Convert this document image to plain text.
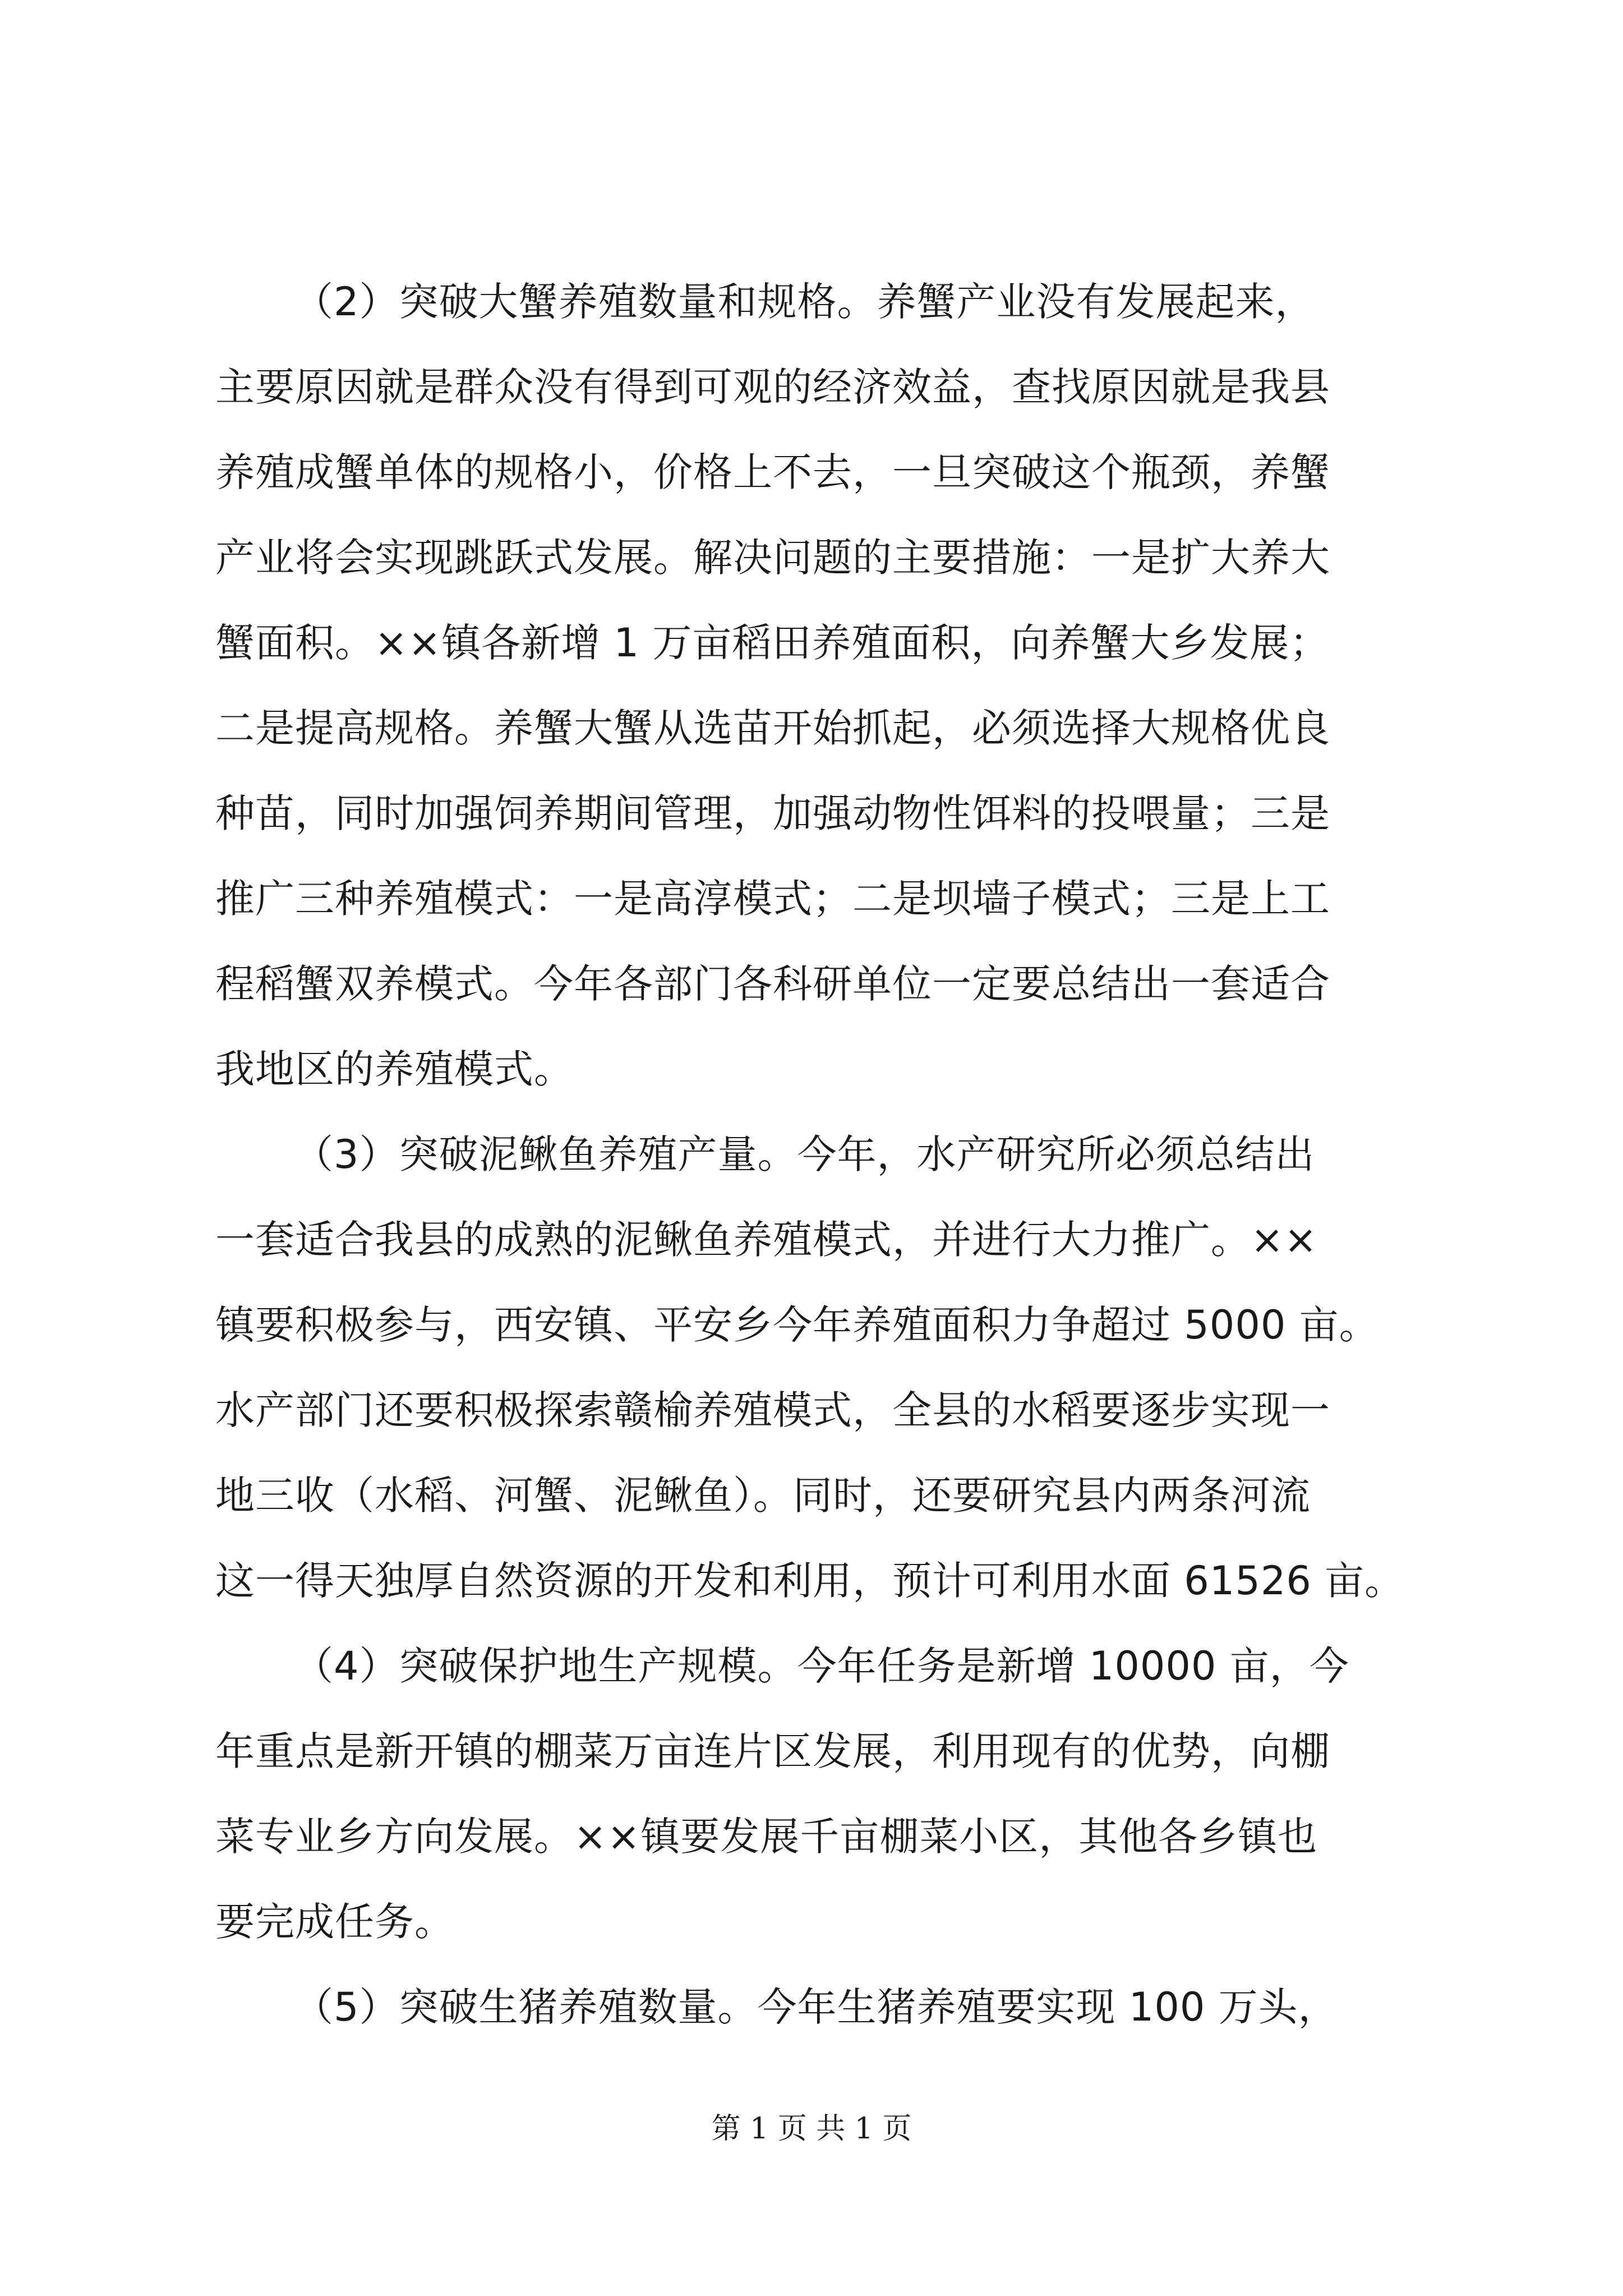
（2）突破大蟹养殖数量和规格。养蟹产业没有发展起来，
主要原因就是群众没有得到可观的经济效益，查找原因就是我县
养殖成蟹单体的规格小，价格上不去，一旦突破这个瓶颈，养蟹
产业将会实现跳跃式发展。解决问题的主要措施：一是扩大养大
蟹面积。××镇各新增 1 万亩稻田养殖面积，向养蟹大乡发展；
二是提高规格。养蟹大蟹从选苗开始抓起，必须选择大规格优良
种苗，同时加强饲养期间管理，加强动物性饵料的投喂量；三是
推广三种养殖模式：一是高淳模式；二是坝墙子模式；三是上工
程稻蟹双养模式。今年各部门各科研单位一定要总结出一套适合
我地区的养殖模式。
（3）突破泥鳅鱼养殖产量。今年，水产研究所必须总结出
一套适合我县的成熟的泥鳅鱼养殖模式，并进行大力推广。××
镇要积极参与，西安镇、平安乡今年养殖面积力争超过 5000 亩。
水产部门还要积极探索赣榆养殖模式，全县的水稻要逐步实现一
地三收（水稻、河蟹、泥鳅鱼）。同时，还要研究县内两条河流
这一得天独厚自然资源的开发和利用，预计可利用水面 61526 亩。
（4）突破保护地生产规模。今年任务是新增 10000 亩，今
年重点是新开镇的棚菜万亩连片区发展，利用现有的优势，向棚
菜专业乡方向发展。××镇要发展千亩棚菜小区，其他各乡镇也
要完成任务。
（5）突破生猪养殖数量。今年生猪养殖要实现 100 万头，
第 1 页 共 1 页
